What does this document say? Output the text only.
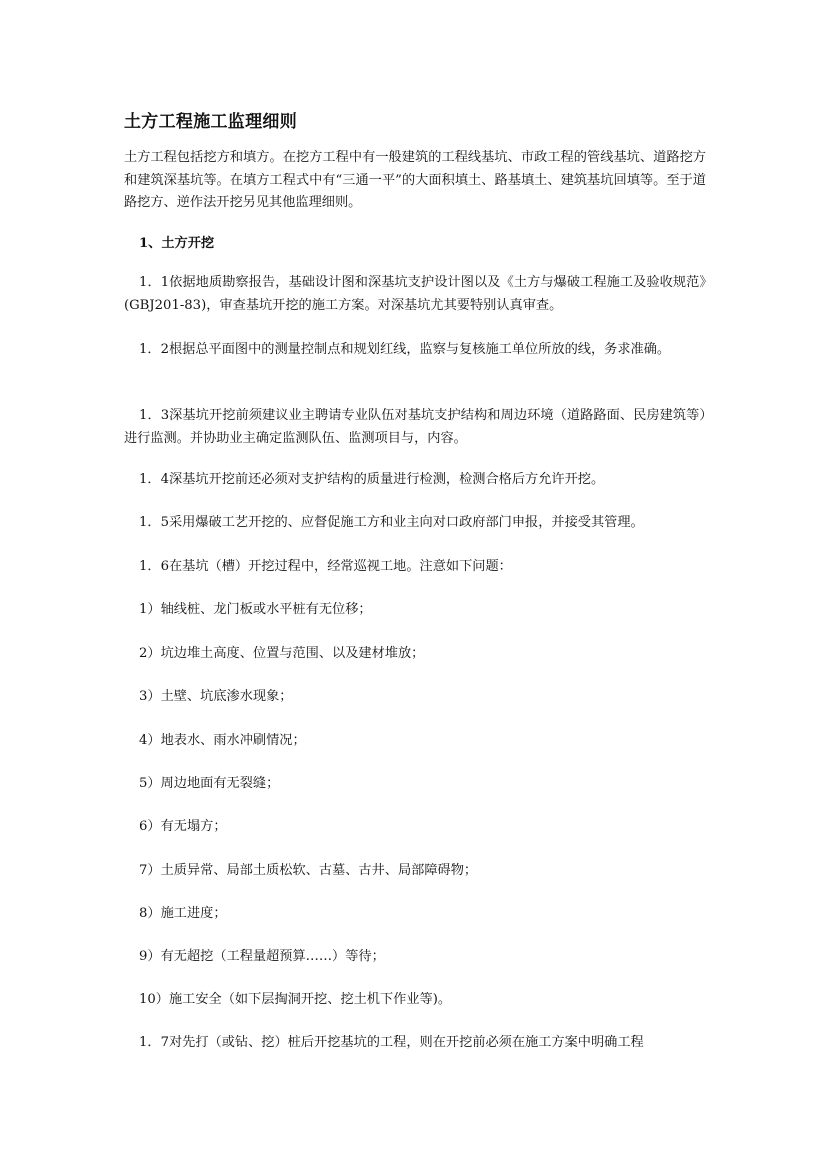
土方工程施工监理细则
土方工程包括挖方和填方。在挖方工程中有一般建筑的工程线基坑、市政工程的管线基坑、道路挖方和建筑深基坑等。在填方工程式中有“三通一平”的大面积填土、路基填土、建筑基坑回填等。至于道路挖方、逆作法开挖另见其他监理细则。
1、土方开挖
1．1依据地质勘察报告，基础设计图和深基坑支护设计图以及《土方与爆破工程施工及验收规范》(GBJ201-83)，审查基坑开挖的施工方案。对深基坑尤其要特别认真审查。
1．2根据总平面图中的测量控制点和规划红线，监察与复核施工单位所放的线，务求准确。
1．3深基坑开挖前须建议业主聘请专业队伍对基坑支护结构和周边环境（道路路面、民房建筑等）进行监测。并协助业主确定监测队伍、监测项目与，内容。
1．4深基坑开挖前还必须对支护结构的质量进行检测，检测合格后方允许开挖。
1．5采用爆破工艺开挖的、应督促施工方和业主向对口政府部门申报，并接受其管理。
1．6在基坑（槽）开挖过程中，经常巡视工地。注意如下问题：
1）轴线桩、龙门板或水平桩有无位移；
2）坑边堆土高度、位置与范围、以及建材堆放；
3）土壁、坑底渗水现象；
4）地表水、雨水冲刷情况；
5）周边地面有无裂缝；
6）有无塌方；
7）土质异常、局部土质松软、古墓、古井、局部障碍物；
8）施工进度；
9）有无超挖（工程量超预算……）等待；
10）施工安全（如下层掏洞开挖、挖土机下作业等)。
1．7对先打（或钻、挖）桩后开挖基坑的工程，则在开挖前必须在施工方案中明确工程
